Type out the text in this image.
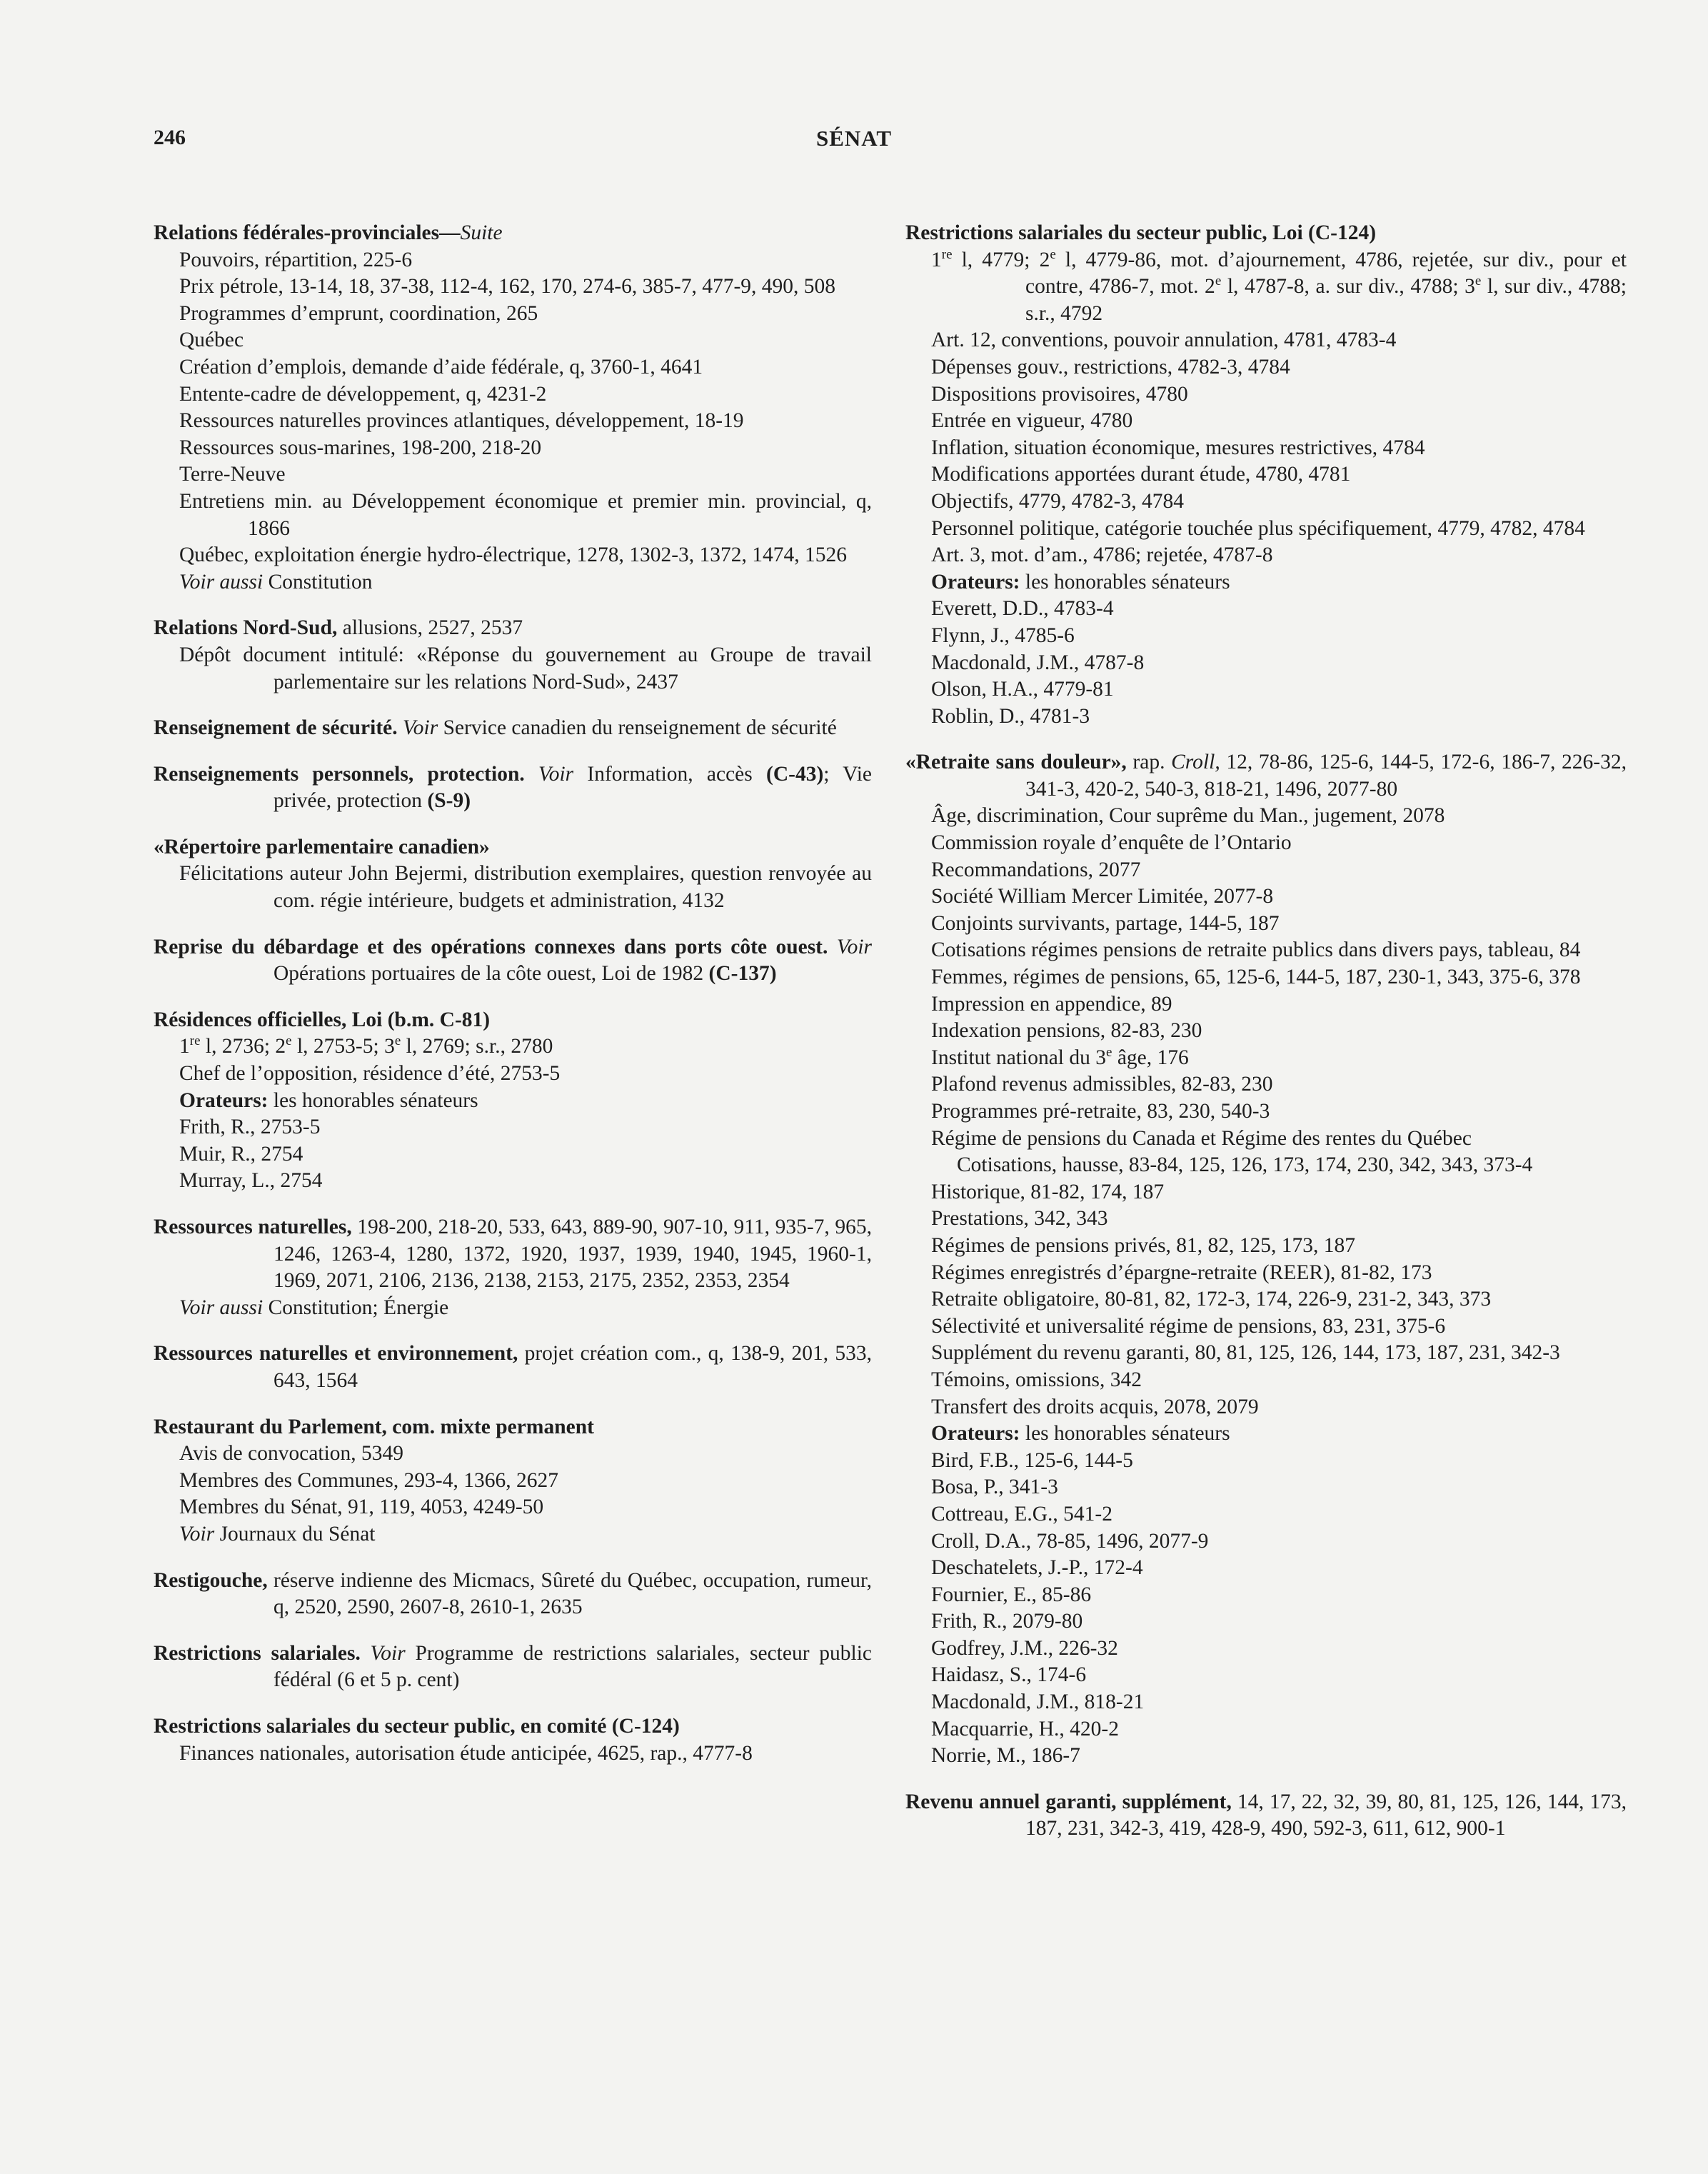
246	SÉNAT
Relations fédérales-provinciales—Suite
Pouvoirs, répartition, 225-6
Prix pétrole, 13-14, 18, 37-38, 112-4, 162, 170, 274-6, 385-7, 477-9, 490, 508
Programmes d’emprunt, coordination, 265
Québec
Création d’emplois, demande d’aide fédérale, q, 3760-1, 4641
Entente-cadre de développement, q, 4231-2
Ressources naturelles provinces atlantiques, développement, 18-19
Ressources sous-marines, 198-200, 218-20
Terre-Neuve
Entretiens min. au Développement économique et premier min. provincial, q, 1866
Québec, exploitation énergie hydro-électrique, 1278, 1302-3, 1372, 1474, 1526
Voir aussi Constitution
Relations Nord-Sud, allusions, 2527, 2537
Dépôt document intitulé: «Réponse du gouvernement au Groupe de travail parlementaire sur les relations Nord-Sud», 2437
Renseignement de sécurité. Voir Service canadien du renseignement de sécurité
Renseignements personnels, protection. Voir Information, accès (C-43); Vie privée, protection (S-9)
«Répertoire parlementaire canadien»
Félicitations auteur John Bejermi, distribution exemplaires, question renvoyée au com. régie intérieure, budgets et administration, 4132
Reprise du débardage et des opérations connexes dans ports côte ouest. Voir Opérations portuaires de la côte ouest, Loi de 1982 (C-137)
Résidences officielles, Loi (b.m. C-81)
1re l, 2736; 2e l, 2753-5; 3e l, 2769; s.r., 2780
Chef de l’opposition, résidence d’été, 2753-5
Orateurs: les honorables sénateurs
Frith, R., 2753-5
Muir, R., 2754
Murray, L., 2754
Ressources naturelles, 198-200, 218-20, 533, 643, 889-90, 907-10, 911, 935-7, 965, 1246, 1263-4, 1280, 1372, 1920, 1937, 1939, 1940, 1945, 1960-1, 1969, 2071, 2106, 2136, 2138, 2153, 2175, 2352, 2353, 2354
Voir aussi Constitution; Énergie
Ressources naturelles et environnement, projet création com., q, 138-9, 201, 533, 643, 1564
Restaurant du Parlement, com. mixte permanent
Avis de convocation, 5349
Membres des Communes, 293-4, 1366, 2627
Membres du Sénat, 91, 119, 4053, 4249-50
Voir Journaux du Sénat
Restigouche, réserve indienne des Micmacs, Sûreté du Québec, occupation, rumeur, q, 2520, 2590, 2607-8, 2610-1, 2635
Restrictions salariales. Voir Programme de restrictions salariales, secteur public fédéral (6 et 5 p. cent)
Restrictions salariales du secteur public, en comité (C-124)
Finances nationales, autorisation étude anticipée, 4625, rap., 4777-8
Restrictions salariales du secteur public, Loi (C-124)
1re l, 4779; 2e l, 4779-86, mot. d’ajournement, 4786, rejetée, sur div., pour et contre, 4786-7, mot. 2e l, 4787-8, a. sur div., 4788; 3e l, sur div., 4788; s.r., 4792
Art. 12, conventions, pouvoir annulation, 4781, 4783-4
Dépenses gouv., restrictions, 4782-3, 4784
Dispositions provisoires, 4780
Entrée en vigueur, 4780
Inflation, situation économique, mesures restrictives, 4784
Modifications apportées durant étude, 4780, 4781
Objectifs, 4779, 4782-3, 4784
Personnel politique, catégorie touchée plus spécifiquement, 4779, 4782, 4784
Art. 3, mot. d’am., 4786; rejetée, 4787-8
Orateurs: les honorables sénateurs
Everett, D.D., 4783-4
Flynn, J., 4785-6
Macdonald, J.M., 4787-8
Olson, H.A., 4779-81
Roblin, D., 4781-3
«Retraite sans douleur», rap. Croll, 12, 78-86, 125-6, 144-5, 172-6, 186-7, 226-32, 341-3, 420-2, 540-3, 818-21, 1496, 2077-80
Âge, discrimination, Cour suprême du Man., jugement, 2078
Commission royale d’enquête de l’Ontario
Recommandations, 2077
Société William Mercer Limitée, 2077-8
Conjoints survivants, partage, 144-5, 187
Cotisations régimes pensions de retraite publics dans divers pays, tableau, 84
Femmes, régimes de pensions, 65, 125-6, 144-5, 187, 230-1, 343, 375-6, 378
Impression en appendice, 89
Indexation pensions, 82-83, 230
Institut national du 3e âge, 176
Plafond revenus admissibles, 82-83, 230
Programmes pré-retraite, 83, 230, 540-3
Régime de pensions du Canada et Régime des rentes du Québec
Cotisations, hausse, 83-84, 125, 126, 173, 174, 230, 342, 343, 373-4
Historique, 81-82, 174, 187
Prestations, 342, 343
Régimes de pensions privés, 81, 82, 125, 173, 187
Régimes enregistrés d’épargne-retraite (REER), 81-82, 173
Retraite obligatoire, 80-81, 82, 172-3, 174, 226-9, 231-2, 343, 373
Sélectivité et universalité régime de pensions, 83, 231, 375-6
Supplément du revenu garanti, 80, 81, 125, 126, 144, 173, 187, 231, 342-3
Témoins, omissions, 342
Transfert des droits acquis, 2078, 2079
Orateurs: les honorables sénateurs
Bird, F.B., 125-6, 144-5
Bosa, P., 341-3
Cottreau, E.G., 541-2
Croll, D.A., 78-85, 1496, 2077-9
Deschatelets, J.-P., 172-4
Fournier, E., 85-86
Frith, R., 2079-80
Godfrey, J.M., 226-32
Haidasz, S., 174-6
Macdonald, J.M., 818-21
Macquarrie, H., 420-2
Norrie, M., 186-7
Revenu annuel garanti, supplément, 14, 17, 22, 32, 39, 80, 81, 125, 126, 144, 173, 187, 231, 342-3, 419, 428-9, 490, 592-3, 611, 612, 900-1
